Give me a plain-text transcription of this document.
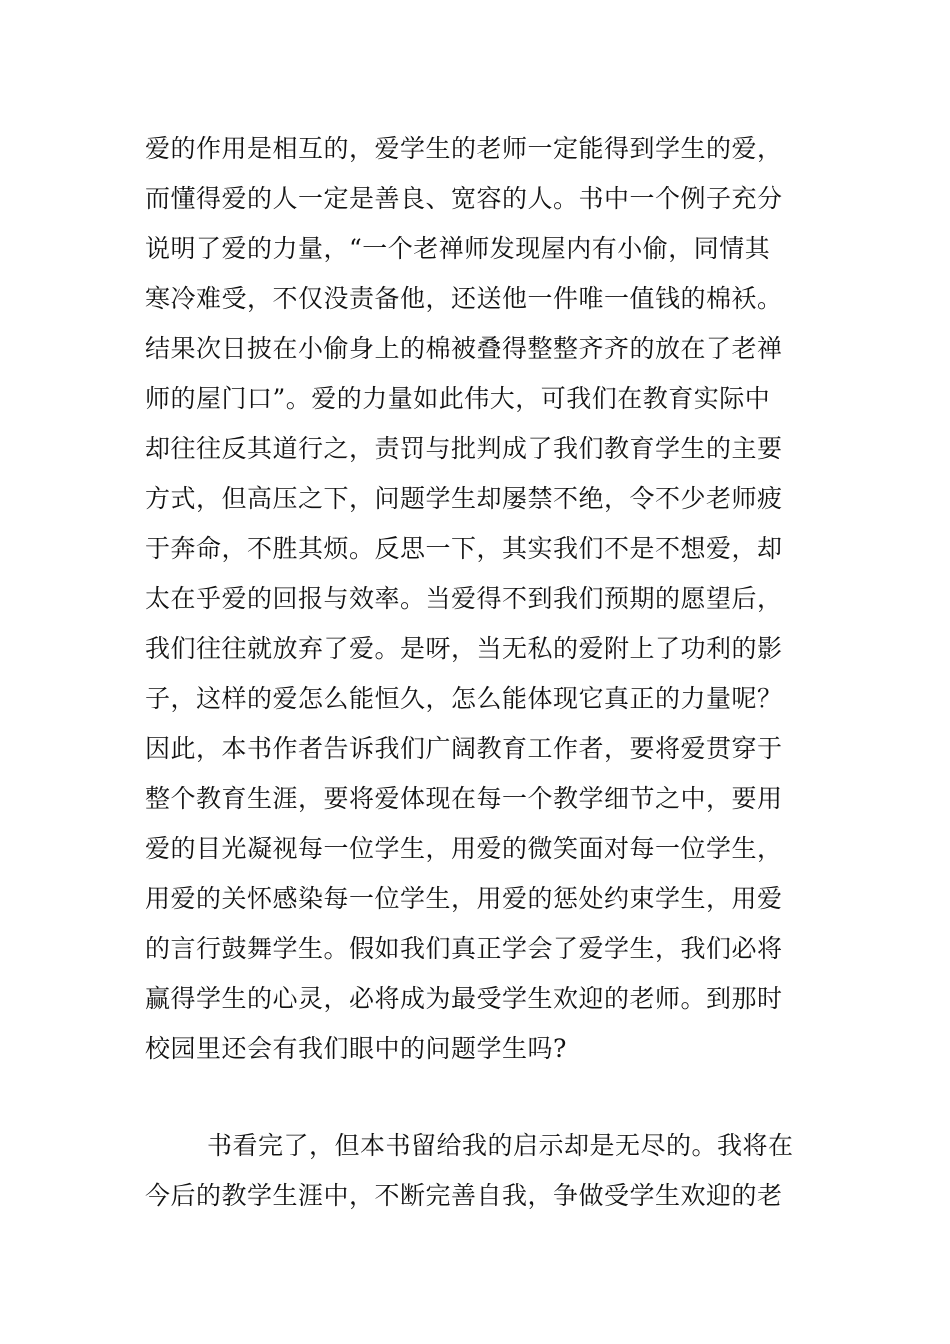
爱的作用是相互的，爱学生的老师一定能得到学生的爱，
而懂得爱的人一定是善良、宽容的人。书中一个例子充分
说明了爱的力量，“一个老禅师发现屋内有小偷，同情其
寒冷难受，不仅没责备他，还送他一件唯一值钱的棉袄。
结果次日披在小偷身上的棉被叠得整整齐齐的放在了老禅
师的屋门口”。爱的力量如此伟大，可我们在教育实际中
却往往反其道行之，责罚与批判成了我们教育学生的主要
方式，但高压之下，问题学生却屡禁不绝，令不少老师疲
于奔命，不胜其烦。反思一下，其实我们不是不想爱，却
太在乎爱的回报与效率。当爱得不到我们预期的愿望后，
我们往往就放弃了爱。是呀，当无私的爱附上了功利的影
子，这样的爱怎么能恒久，怎么能体现它真正的力量呢？
因此，本书作者告诉我们广阔教育工作者，要将爱贯穿于
整个教育生涯，要将爱体现在每一个教学细节之中，要用
爱的目光凝视每一位学生，用爱的微笑面对每一位学生，
用爱的关怀感染每一位学生，用爱的惩处约束学生，用爱
的言行鼓舞学生。假如我们真正学会了爱学生，我们必将
赢得学生的心灵，必将成为最受学生欢迎的老师。到那时
校园里还会有我们眼中的问题学生吗?
书看完了，但本书留给我的启示却是无尽的。我将在
今后的教学生涯中，不断完善自我，争做受学生欢迎的老
